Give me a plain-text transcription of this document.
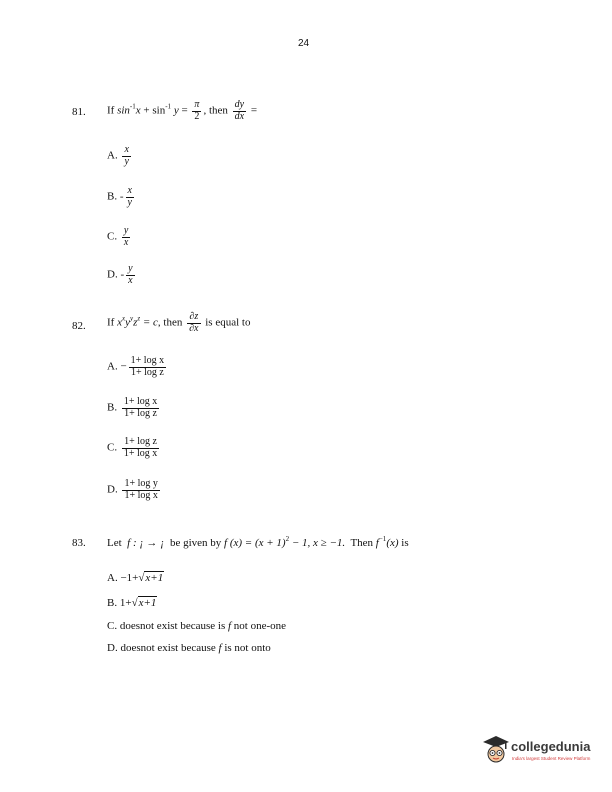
24
81. If $\sin^{-1}x + \sin^{-1} y = \frac{\pi}{2}$ , then $\frac{dy}{dx}$ =
A. $\frac{x}{y}$
B. - $\frac{x}{y}$
C. $\frac{y}{x}$
D. - $\frac{y}{x}$
82. If $x^xy^yz^z = c$, then $\frac{\partial z}{\partial x}$ is equal to
A. − $\frac{\text{1+ log x}}{\text{1+ log z}}$
B. $\frac{\text{1+ log x}}{\text{1+ log z}}$
C. $\frac{\text{1+ log z}}{\text{1+ log x}}$
D. $\frac{\text{1+ log y}}{\text{1+ log x}}$
83. Let f : ¡ → ¡ be given by f $(x) = (x + 1)^2 - 1$, x ≥ −1. Then $f^{-1}(x)$ is
A. −1+√x+1
B. 1+√x+1
C. doesnot exist because is f not one-one
D. doesnot exist because f is not onto
collegedunia
India's largest Student Review Platform
